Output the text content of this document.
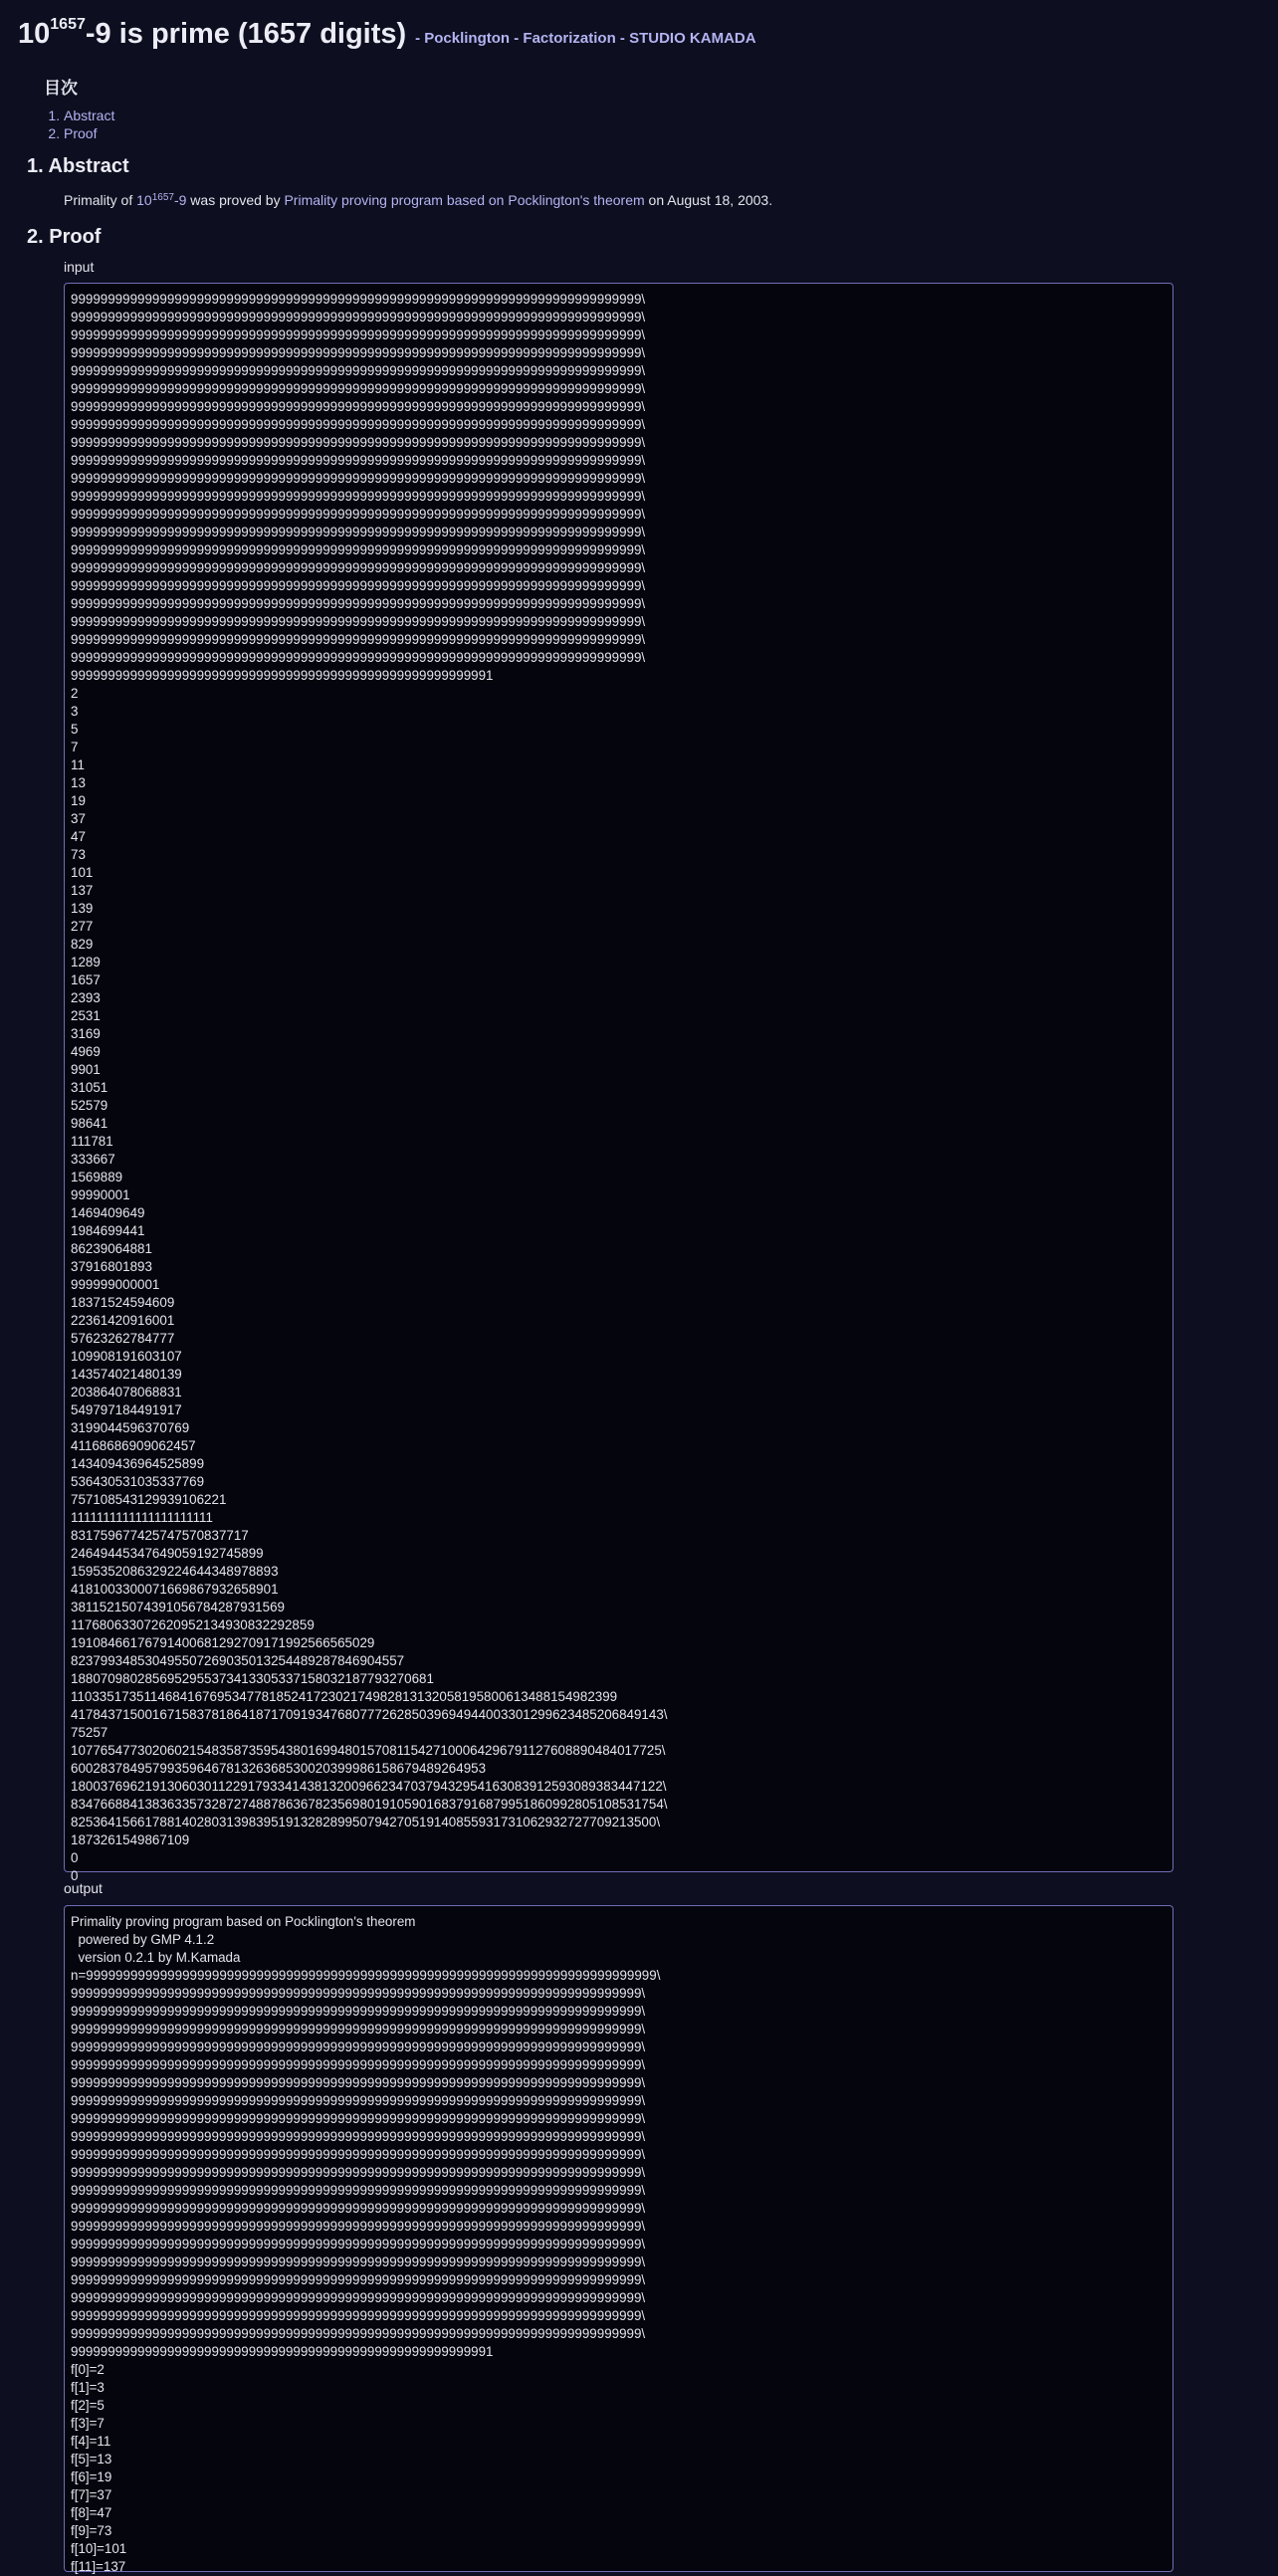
$10^{1657}-9$ is prime (1657 digits) - Pocklington - Factorization - STUDIO KAMADA
目次
1. Abstract
2. Proof
1. Abstract

Primality of 10$^{1657}$-9 was proved by Primality proving program based on Pocklington's theorem on August 18, 2003.

2. Proof
input
99999999999999999999999999999999999999999999999999999999999999999999999999999\
99999999999999999999999999999999999999999999999999999999999999999999999999999\
99999999999999999999999999999999999999999999999999999999999999999999999999999\
99999999999999999999999999999999999999999999999999999999999999999999999999999\
99999999999999999999999999999999999999999999999999999999999999999999999999999\
99999999999999999999999999999999999999999999999999999999999999999999999999999\
99999999999999999999999999999999999999999999999999999999999999999999999999999\
99999999999999999999999999999999999999999999999999999999999999999999999999999\
99999999999999999999999999999999999999999999999999999999999999999999999999999\
99999999999999999999999999999999999999999999999999999999999999999999999999999\
99999999999999999999999999999999999999999999999999999999999999999999999999999\
99999999999999999999999999999999999999999999999999999999999999999999999999999\
99999999999999999999999999999999999999999999999999999999999999999999999999999\
99999999999999999999999999999999999999999999999999999999999999999999999999999\
99999999999999999999999999999999999999999999999999999999999999999999999999999\
99999999999999999999999999999999999999999999999999999999999999999999999999999\
99999999999999999999999999999999999999999999999999999999999999999999999999999\
99999999999999999999999999999999999999999999999999999999999999999999999999999\
99999999999999999999999999999999999999999999999999999999999999999999999999999\
99999999999999999999999999999999999999999999999999999999999999999999999999999\
99999999999999999999999999999999999999999999999999999999999999999999999999999\
999999999999999999999999999999999999999999999999999999991
2
3
5
7
11
13
19
37
47
73
101
137
139
277
829
1289
1657
2393
2531
3169
4969
9901
31051
52579
98641
111781
333667
1569889
99990001
1469409649
1984699441
86239064881
37916801893
999999000001
18371524594609
22361420916001
57623262784777
109908191603107
143574021480139
203864078068831
549797184491917
3199044596370769
41168686909062457
143409436964525899
536430531035337769
75710854312993910622​1
1111111111111111111111
8317596774257475708377​17
2464944534764905919274589​9
1595352086329224644348978893
4181003300071669867932658901
38115215074391056784287931569
117680633072620952134930832292859
1910846617679140068129270917199256656502​9
82379934853049550726903501325448928784690​4557
18807098028569529553734133053371580321877932706​81
110335173511468416769534778185241723021749828131320581958006134881549823​99
41784371500167158378186418717091934768077726285039694944003301299623485206849143\
75257
10776547730206021548358735954380169948015708115427100064296791127608890484017725\
600283784957993596467813263685300203999861586794892649​53
18003769621913060301122917933414381320096623470379432954163083912593089383447122\
83476688413836335732872748878636782356980191059016837916879951860992805108531754\
82536415661788140280313983951913282899507942705191408559317310629327277092135​00\
1873261549867109
0
0
output
Primality proving program based on Pocklington's theorem
powered by GMP 4.1.2
version 0.2.1 by M.Kamada
n=99999999999999999999999999999999999999999999999999999999999999999999999999999\
99999999999999999999999999999999999999999999999999999999999999999999999999999\
99999999999999999999999999999999999999999999999999999999999999999999999999999\
99999999999999999999999999999999999999999999999999999999999999999999999999999\
99999999999999999999999999999999999999999999999999999999999999999999999999999\
99999999999999999999999999999999999999999999999999999999999999999999999999999\
99999999999999999999999999999999999999999999999999999999999999999999999999999\
99999999999999999999999999999999999999999999999999999999999999999999999999999\
99999999999999999999999999999999999999999999999999999999999999999999999999999\
99999999999999999999999999999999999999999999999999999999999999999999999999999\
99999999999999999999999999999999999999999999999999999999999999999999999999999\
99999999999999999999999999999999999999999999999999999999999999999999999999999\
99999999999999999999999999999999999999999999999999999999999999999999999999999\
99999999999999999999999999999999999999999999999999999999999999999999999999999\
99999999999999999999999999999999999999999999999999999999999999999999999999999\
99999999999999999999999999999999999999999999999999999999999999999999999999999\
99999999999999999999999999999999999999999999999999999999999999999999999999999\
99999999999999999999999999999999999999999999999999999999999999999999999999999\
99999999999999999999999999999999999999999999999999999999999999999999999999999\
99999999999999999999999999999999999999999999999999999999999999999999999999999\
99999999999999999999999999999999999999999999999999999999999999999999999999999\
999999999999999999999999999999999999999999999999999999991
f[0]=2
f[1]=3
f[2]=5
f[3]=7
f[4]=11
f[5]=13
f[6]=19
f[7]=37
f[8]=47
f[9]=73
f[10]=101
f[11]=137
